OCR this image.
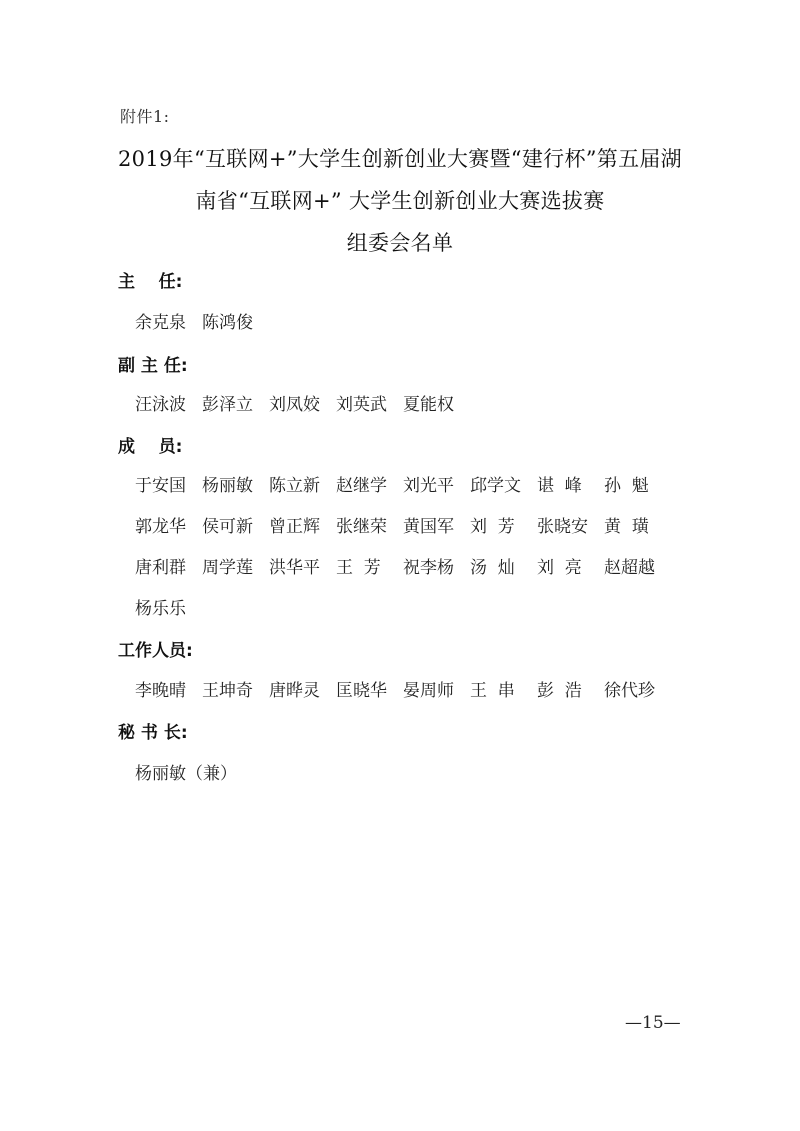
附件1:
2019年“互联网+”大学生创新创业大赛暨“建行杯”第五届湖
南省“互联网+” 大学生创新创业大赛选拔赛
组委会名单
主    任:
余克泉 陈鸿俊
副 主 任:
汪泳波 彭泽立 刘凤姣 刘英武 夏能权
成    员:
于安国 杨丽敏 陈立新 赵继学 刘光平 邱学文 谌  峰	孙  魁
郭龙华 侯可新 曾正辉 张继荣 黄国军 刘  芳	张晓安 黄  璜
唐利群 周学莲 洪华平 王  芳	祝李杨 汤  灿	刘  亮	赵超越
杨乐乐
工作人员:
李晚晴 王坤奇 唐晔灵 匡晓华 晏周师 王  串	彭  浩	徐代珍
秘 书 长:
杨丽敏（兼）
—15—
